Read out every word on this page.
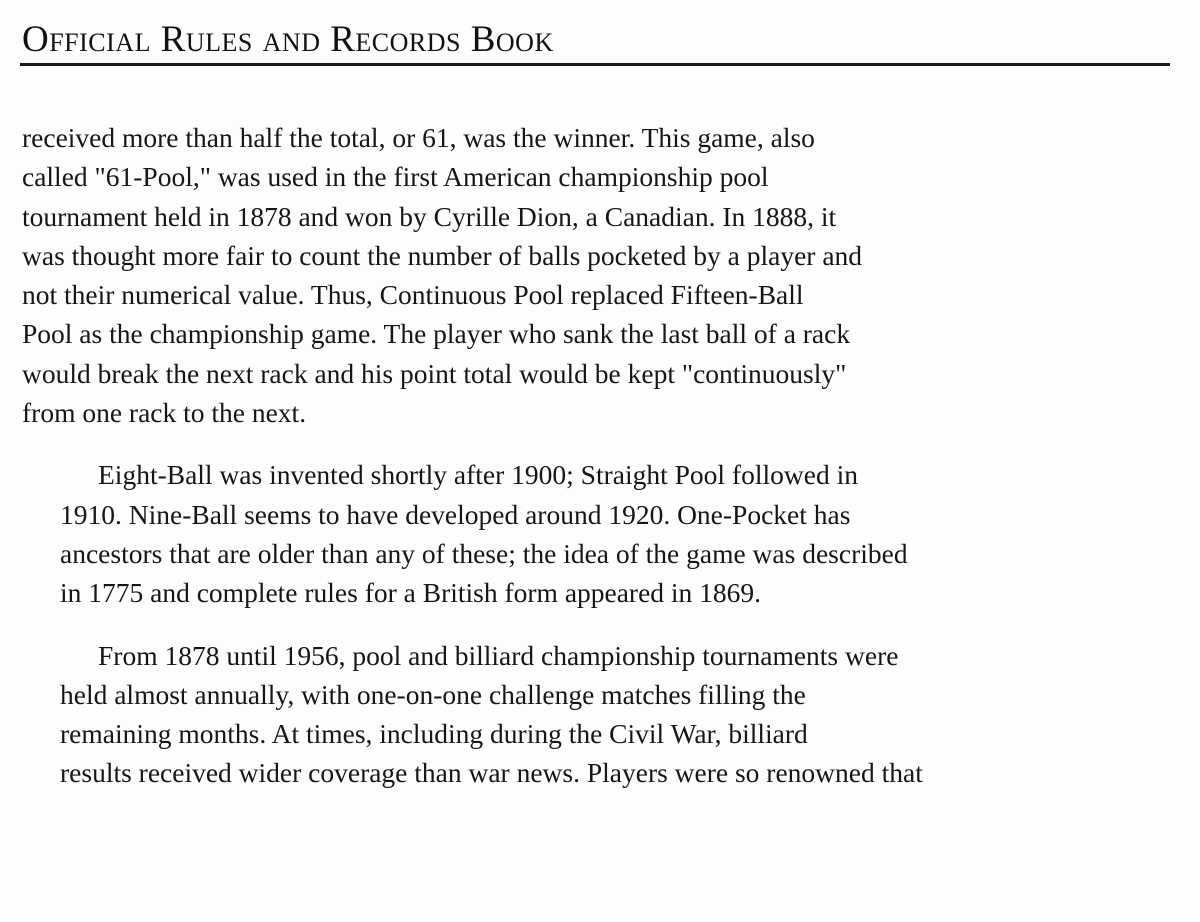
Official Rules and Records Book

received more than half the total, or 61, was the winner. This game, also
called "61-Pool," was used in the first American championship pool
tournament held in 1878 and won by Cyrille Dion, a Canadian. In 1888, it
was thought more fair to count the number of balls pocketed by a player and
not their numerical value. Thus, Continuous Pool replaced Fifteen-Ball
Pool as the championship game. The player who sank the last ball of a rack
would break the next rack and his point total would be kept "continuously"
from one rack to the next.

Eight-Ball was invented shortly after 1900; Straight Pool followed in
1910. Nine-Ball seems to have developed around 1920. One-Pocket has
ancestors that are older than any of these; the idea of the game was described
in 1775 and complete rules for a British form appeared in 1869.

From 1878 until 1956, pool and billiard championship tournaments were
held almost annually, with one-on-one challenge matches filling the
remaining months. At times, including during the Civil War, billiard
results received wider coverage than war news. Players were so renowned that
